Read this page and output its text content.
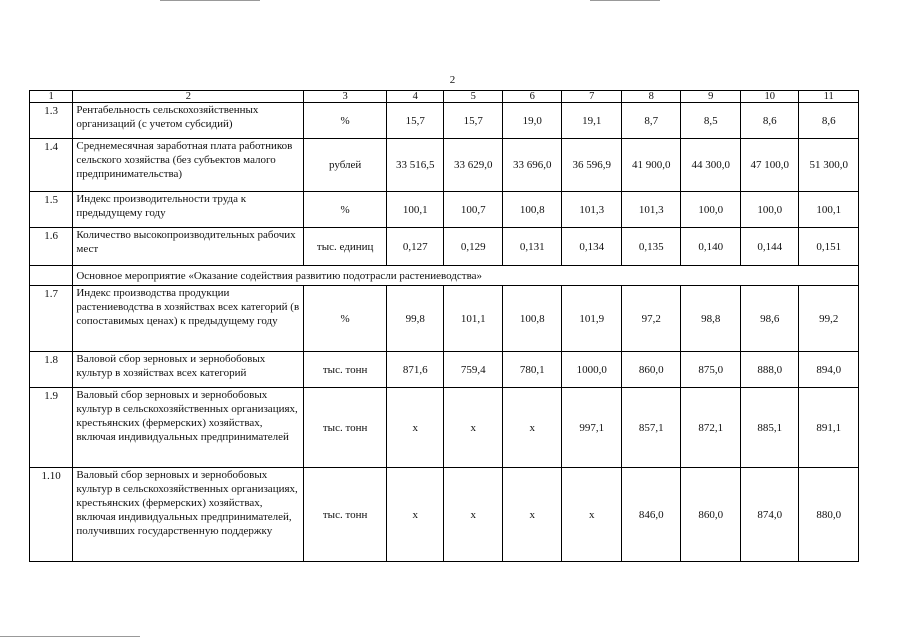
2
1	2	3	4	5	6	7	8	9	10	11
1.3	Рентабельность сельскохозяйственных организаций (с учетом субсидий)	%	15,7	15,7	19,0	19,1	8,7	8,5	8,6	8,6
1.4	Среднемесячная заработная плата работников сельского хозяйства (без субъектов малого предпринимательства)	рублей	33 516,5	33 629,0	33 696,0	36 596,9	41 900,0	44 300,0	47 100,0	51 300,0
1.5	Индекс производительности труда к предыдущему году	%	100,1	100,7	100,8	101,3	101,3	100,0	100,0	100,1
1.6	Количество высокопроизводительных рабочих мест	тыс. единиц	0,127	0,129	0,131	0,134	0,135	0,140	0,144	0,151
	Основное мероприятие «Оказание содействия развитию подотрасли растениеводства»									
1.7	Индекс производства продукции растениеводства в хозяйствах всех категорий (в сопоставимых ценах) к предыдущему году	%	99,8	101,1	100,8	101,9	97,2	98,8	98,6	99,2
1.8	Валовой сбор зерновых и зернобобовых культур в хозяйствах всех категорий	тыс. тонн	871,6	759,4	780,1	1000,0	860,0	875,0	888,0	894,0
1.9	Валовый сбор зерновых и зернобобовых культур в сельскохозяйственных организациях, крестьянских (фермерских) хозяйствах, включая индивидуальных предпринимателей	тыс. тонн	х	х	х	997,1	857,1	872,1	885,1	891,1
1.10	Валовый сбор зерновых и зернобобовых культур в сельскохозяйственных организациях, крестьянских (фермерских) хозяйствах, включая индивидуальных предпринимателей, получивших государственную поддержку	тыс. тонн	х	х	х	х	846,0	860,0	874,0	880,0
